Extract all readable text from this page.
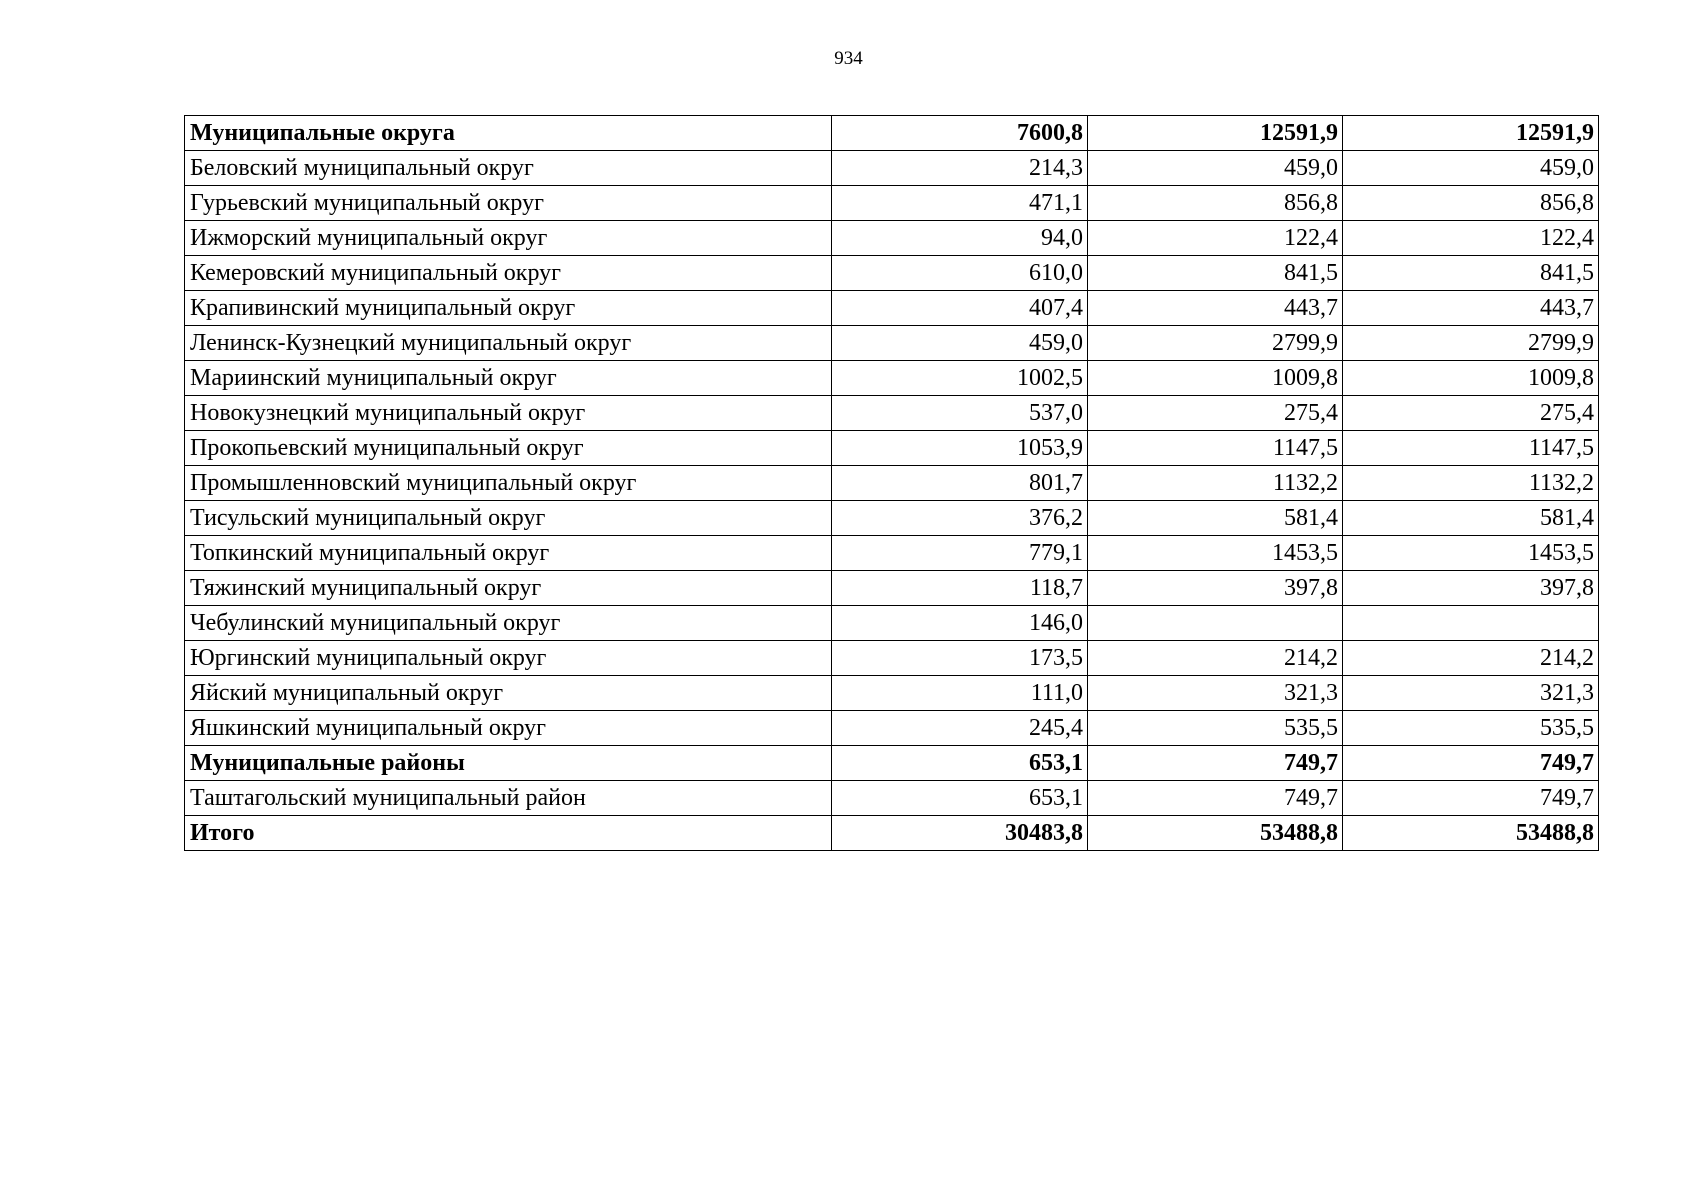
934
Муниципальные округа	7600,8	12591,9	12591,9
Беловский муниципальный округ	214,3	459,0	459,0
Гурьевский муниципальный округ	471,1	856,8	856,8
Ижморский муниципальный округ	94,0	122,4	122,4
Кемеровский муниципальный округ	610,0	841,5	841,5
Крапивинский муниципальный округ	407,4	443,7	443,7
Ленинск-Кузнецкий муниципальный округ	459,0	2799,9	2799,9
Мариинский муниципальный округ	1002,5	1009,8	1009,8
Новокузнецкий муниципальный округ	537,0	275,4	275,4
Прокопьевский муниципальный округ	1053,9	1147,5	1147,5
Промышленновский муниципальный округ	801,7	1132,2	1132,2
Тисульский муниципальный округ	376,2	581,4	581,4
Топкинский муниципальный округ	779,1	1453,5	1453,5
Тяжинский муниципальный округ	118,7	397,8	397,8
Чебулинский муниципальный округ	146,0		
Юргинский муниципальный округ	173,5	214,2	214,2
Яйский муниципальный округ	111,0	321,3	321,3
Яшкинский муниципальный округ	245,4	535,5	535,5
Муниципальные районы	653,1	749,7	749,7
Таштагольский муниципальный район	653,1	749,7	749,7
Итого	30483,8	53488,8	53488,8
